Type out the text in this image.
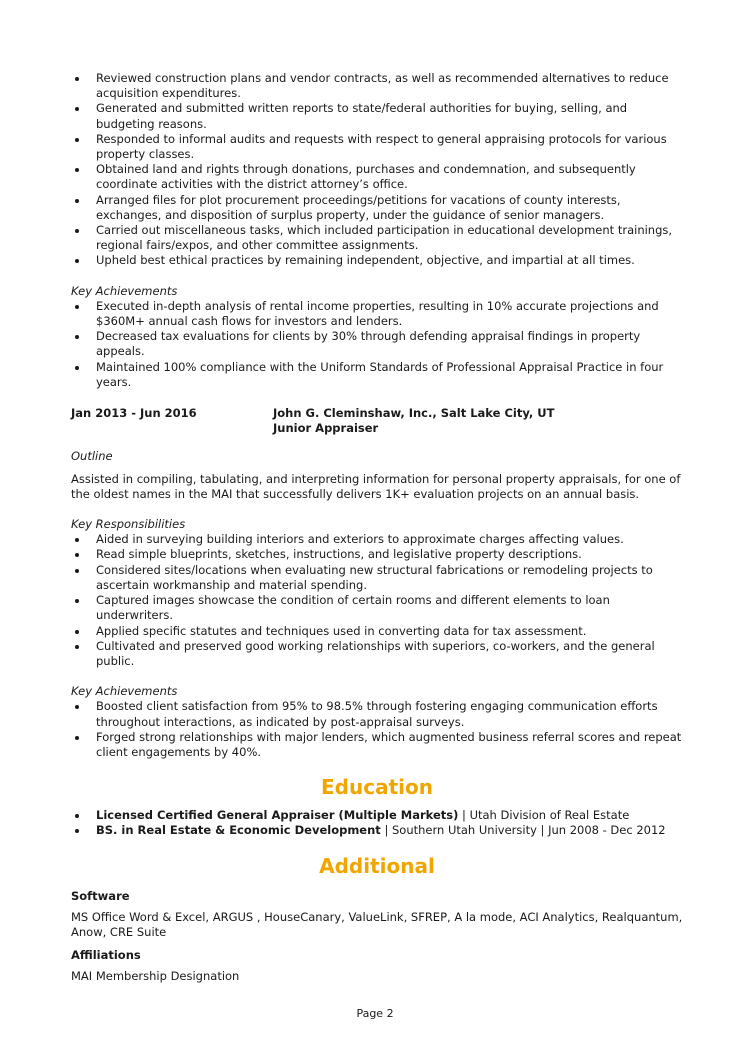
Reviewed construction plans and vendor contracts, as well as recommended alternatives to reduce acquisition expenditures.
Generated and submitted written reports to state/federal authorities for buying, selling, and budgeting reasons.
Responded to informal audits and requests with respect to general appraising protocols for various property classes.
Obtained land and rights through donations, purchases and condemnation, and subsequently coordinate activities with the district attorney’s office.
Arranged files for plot procurement proceedings/petitions for vacations of county interests, exchanges, and disposition of surplus property, under the guidance of senior managers.
Carried out miscellaneous tasks, which included participation in educational development trainings, regional fairs/expos, and other committee assignments.
Upheld best ethical practices by remaining independent, objective, and impartial at all times.
Key Achievements
Executed in-depth analysis of rental income properties, resulting in 10% accurate projections and $360M+ annual cash flows for investors and lenders.
Decreased tax evaluations for clients by 30% through defending appraisal findings in property appeals.
Maintained 100% compliance with the Uniform Standards of Professional Appraisal Practice in four years.
Jan 2013 - Jun 2016	John G. Cleminshaw, Inc., Salt Lake City, UT
Junior Appraiser
Outline

Assisted in compiling, tabulating, and interpreting information for personal property appraisals, for one of the oldest names in the MAI that successfully delivers 1K+ evaluation projects on an annual basis.

Key Responsibilities
Aided in surveying building interiors and exteriors to approximate charges affecting values.
Read simple blueprints, sketches, instructions, and legislative property descriptions.
Considered sites/locations when evaluating new structural fabrications or remodeling projects to ascertain workmanship and material spending.
Captured images showcase the condition of certain rooms and different elements to loan underwriters.
Applied specific statutes and techniques used in converting data for tax assessment.
Cultivated and preserved good working relationships with superiors, co-workers, and the general public.
Key Achievements
Boosted client satisfaction from 95% to 98.5% through fostering engaging communication efforts throughout interactions, as indicated by post-appraisal surveys.
Forged strong relationships with major lenders, which augmented business referral scores and repeat client engagements by 40%.
Education
Licensed Certified General Appraiser (Multiple Markets) | Utah Division of Real Estate
BS. in Real Estate & Economic Development | Southern Utah University | Jun 2008 - Dec 2012
Additional
Software

MS Office Word & Excel, ARGUS , HouseCanary, ValueLink, SFREP, A la mode, ACI Analytics, Realquantum, Anow, CRE Suite

Affiliations

MAI Membership Designation

Page 2
